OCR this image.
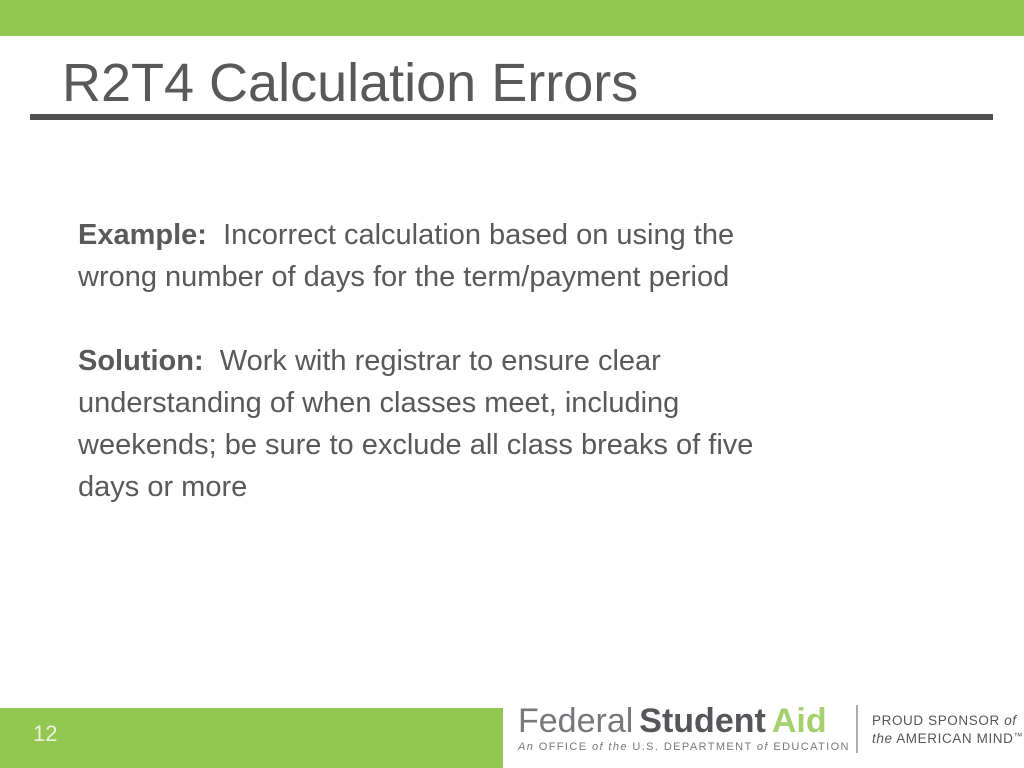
R2T4 Calculation Errors
Example:  Incorrect calculation based on using the
wrong number of days for the term/payment period
Solution:  Work with registrar to ensure clear
understanding of when classes meet, including
weekends; be sure to exclude all class breaks of five
days or more
12	Federal Student Aid
An OFFICE of the U.S. DEPARTMENT of EDUCATION
PROUD SPONSOR of
the AMERICAN MIND™
